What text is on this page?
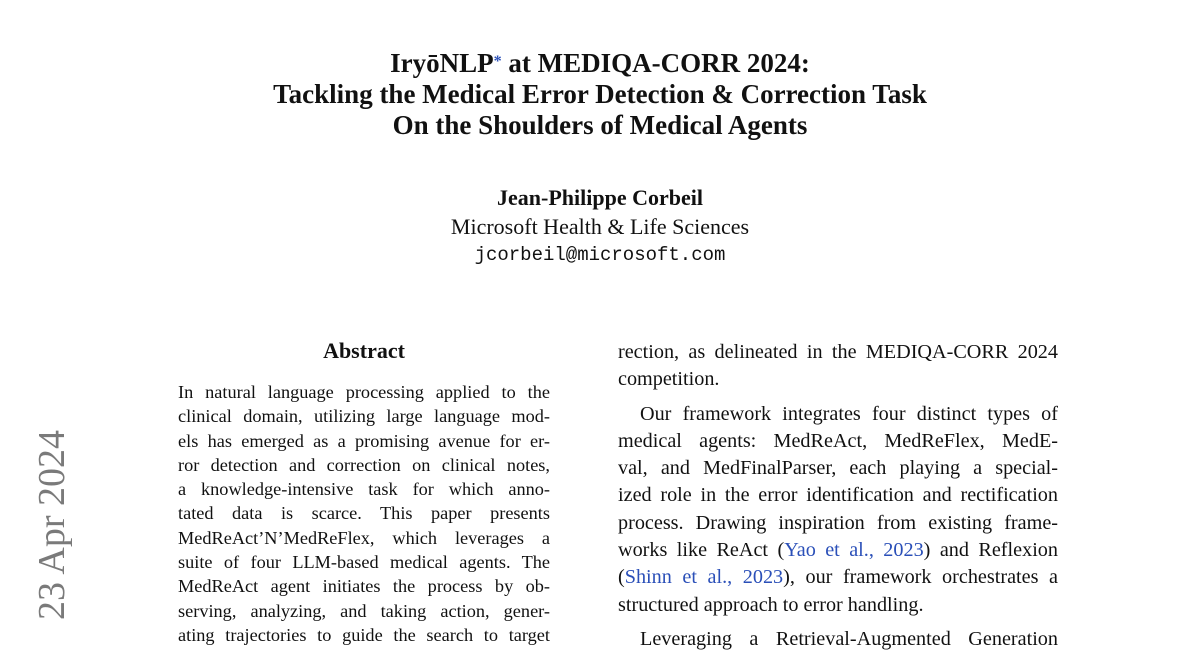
IryōNLP* at MEDIQA-CORR 2024:
Tackling the Medical Error Detection & Correction Task
On the Shoulders of Medical Agents
Jean-Philippe Corbeil
Microsoft Health & Life Sciences
jcorbeil@microsoft.com
23 Apr 2024
Abstract
In natural language processing applied to the
clinical domain, utilizing large language mod-
els has emerged as a promising avenue for er-
ror detection and correction on clinical notes,
a knowledge-intensive task for which anno-
tated data is scarce. This paper presents
MedReAct’N’MedReFlex, which leverages a
suite of four LLM-based medical agents. The
MedReAct agent initiates the process by ob-
serving, analyzing, and taking action, gener-
ating trajectories to guide the search to target
rection, as delineated in the MEDIQA-CORR 2024
competition.
Our framework integrates four distinct types of
medical agents: MedReAct, MedReFlex, MedE-
val, and MedFinalParser, each playing a special-
ized role in the error identification and rectification
process. Drawing inspiration from existing frame-
works like ReAct (Yao et al., 2023) and Reflexion
(Shinn et al., 2023), our framework orchestrates a
structured approach to error handling.
Leveraging a Retrieval-Augmented Generation
